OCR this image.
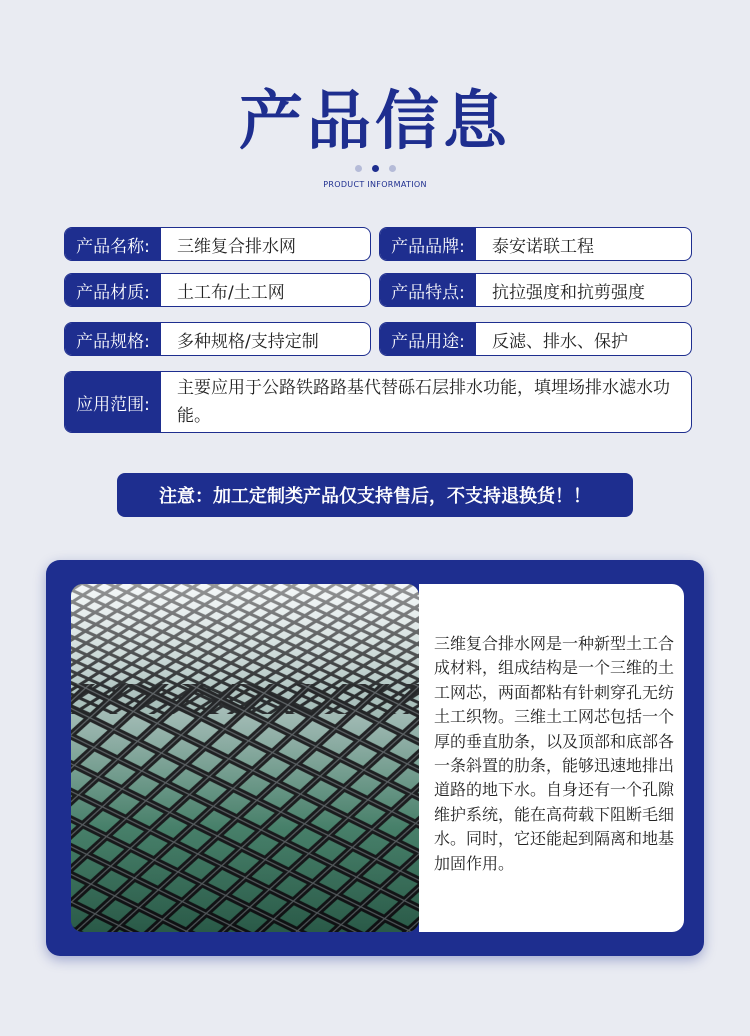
产品信息
PRODUCT INFORMATION
产品名称:	三维复合排水网	产品品牌:	泰安诺联工程
产品材质:	土工布/土工网	产品特点:	抗拉强度和抗剪强度
产品规格:	多种规格/支持定制	产品用途:	反滤、排水、保护
应用范围:
主要应用于公路铁路路基代替砾石层排水功能，填埋场排水滤水功能。
注意：加工定制类产品仅支持售后，不支持退换货！！
三维复合排水网是一种新型土工合成材料，组成结构是一个三维的土工网芯，两面都粘有针刺穿孔无纺土工织物。三维土工网芯包括一个厚的垂直肋条，以及顶部和底部各一条斜置的肋条，能够迅速地排出道路的地下水。自身还有一个孔隙维护系统，能在高荷载下阻断毛细水。同时，它还能起到隔离和地基加固作用。
